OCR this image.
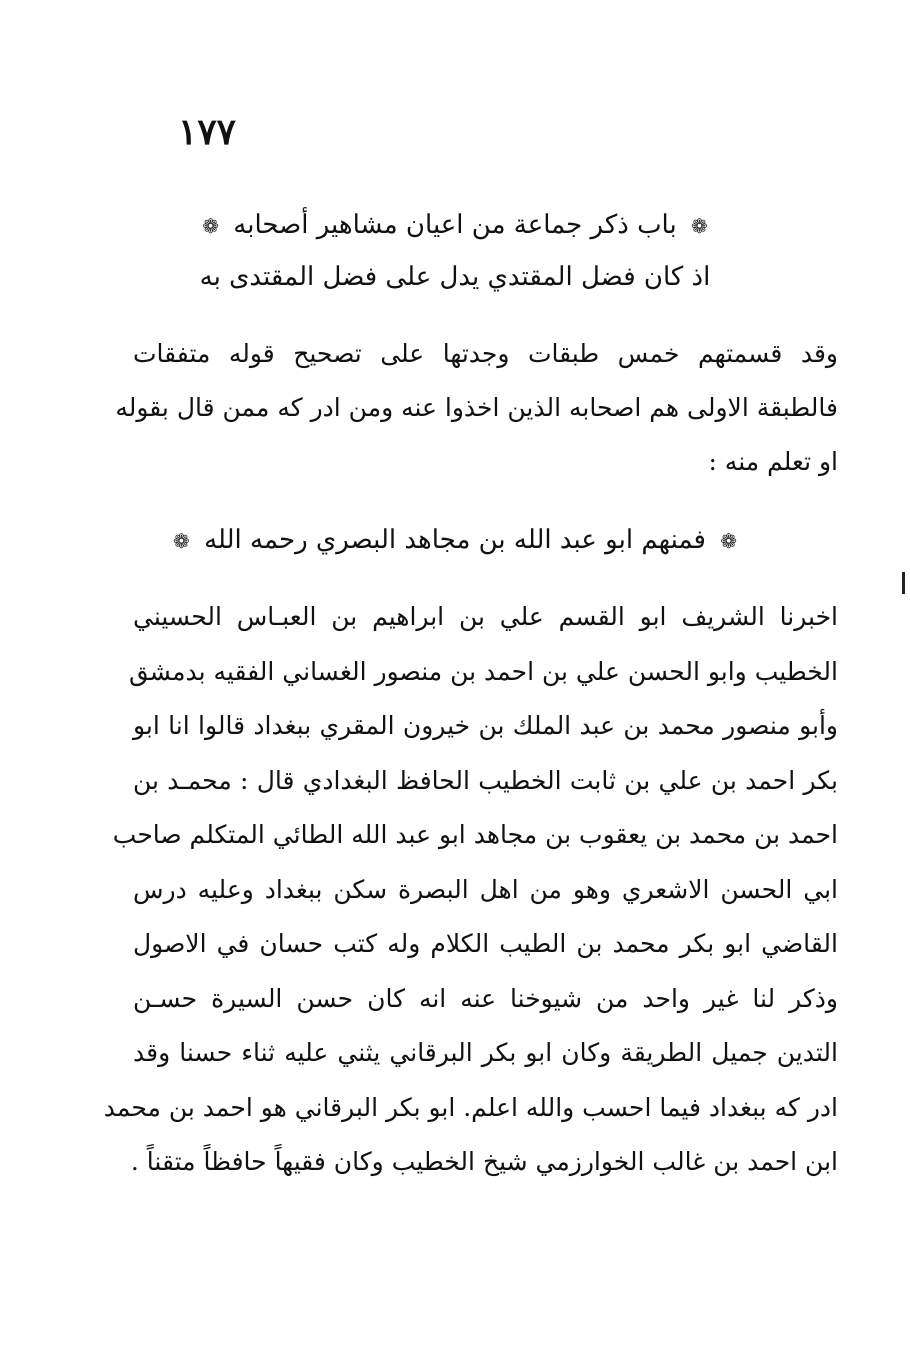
١٧٧
❁ باب ذكر جماعة من اعيان مشاهير أصحابه ❁
اذ كان فضل المقتدي يدل على فضل المقتدى به
وقد قسمتهم خمس طبقات وجدتها على تصحيح قوله متفقات
فالطبقة الاولى هم اصحابه الذين اخذوا عنه ومن ادر كه ممن قال بقوله
او تعلم منه :
❁ فمنهم ابو عبد الله بن مجاهد البصري رحمه الله ❁
اخبرنا الشريف ابو القسم علي بن ابراهيم بن العبـاس الحسيني
الخطيب وابو الحسن علي بن احمد بن منصور الغساني الفقيه بدمشق
وأبو منصور محمد بن عبد الملك بن خيرون المقري ببغداد قالوا انا ابو
بكر احمد بن علي بن ثابت الخطيب الحافظ البغدادي قال : محمـد بن
احمد بن محمد بن يعقوب بن مجاهد ابو عبد الله الطائي المتكلم صاحب
ابي الحسن الاشعري وهو من اهل البصرة سكن ببغداد وعليه درس
القاضي ابو بكر محمد بن الطيب الكلام وله كتب حسان في الاصول
وذكر لنا غير واحد من شيوخنا عنه انه كان حسن السيرة حسـن
التدين جميل الطريقة وكان ابو بكر البرقاني يثني عليه ثناء حسنا وقد
ادر كه ببغداد فيما احسب والله اعلم. ابو بكر البرقاني هو احمد بن محمد
ابن احمد بن غالب الخوارزمي شيخ الخطيب وكان فقيهاً حافظاً متقناً .
